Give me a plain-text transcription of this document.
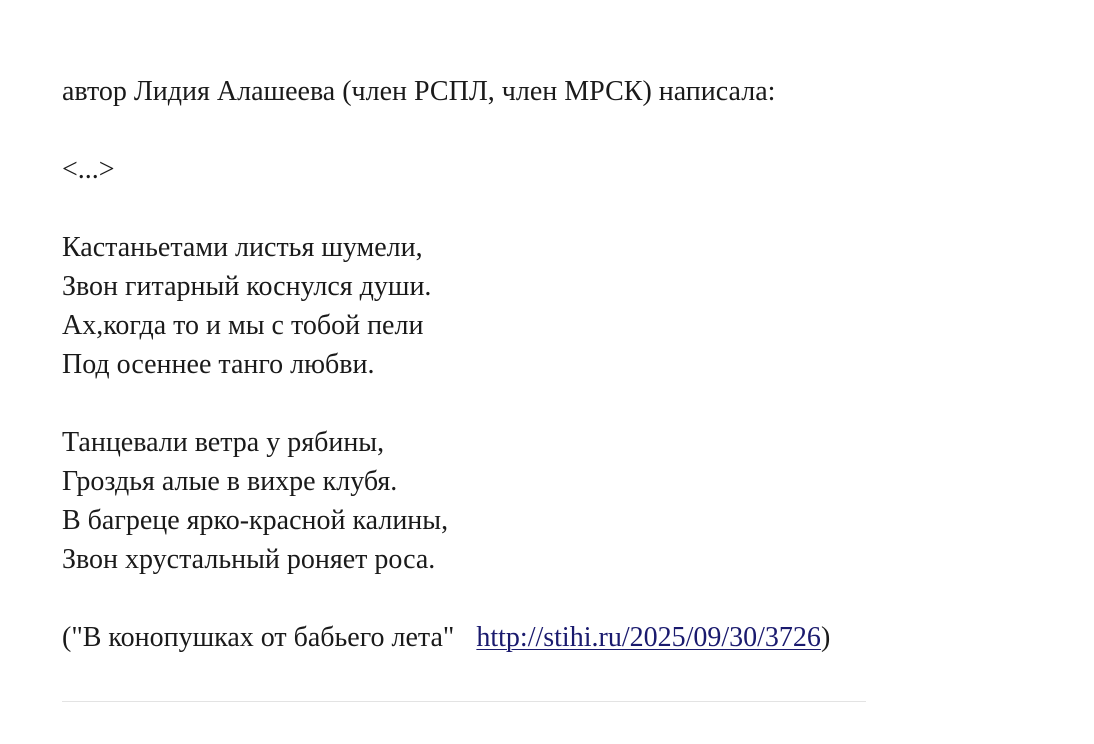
автор Лидия Алашеева (член РСПЛ, член МРСК) написала:
<...>
Кастаньетами листья шумели,
Звон гитарный коснулся души.
Ах,когда то и мы с тобой пели
Под осеннее танго любви.
Танцевали ветра у рябины,
Гроздья алые в вихре клубя.
В багреце ярко-красной калины,
Звон хрустальный роняет роса.
("В конопушках от бабьего лета" http://stihi.ru/2025/09/30/3726)
